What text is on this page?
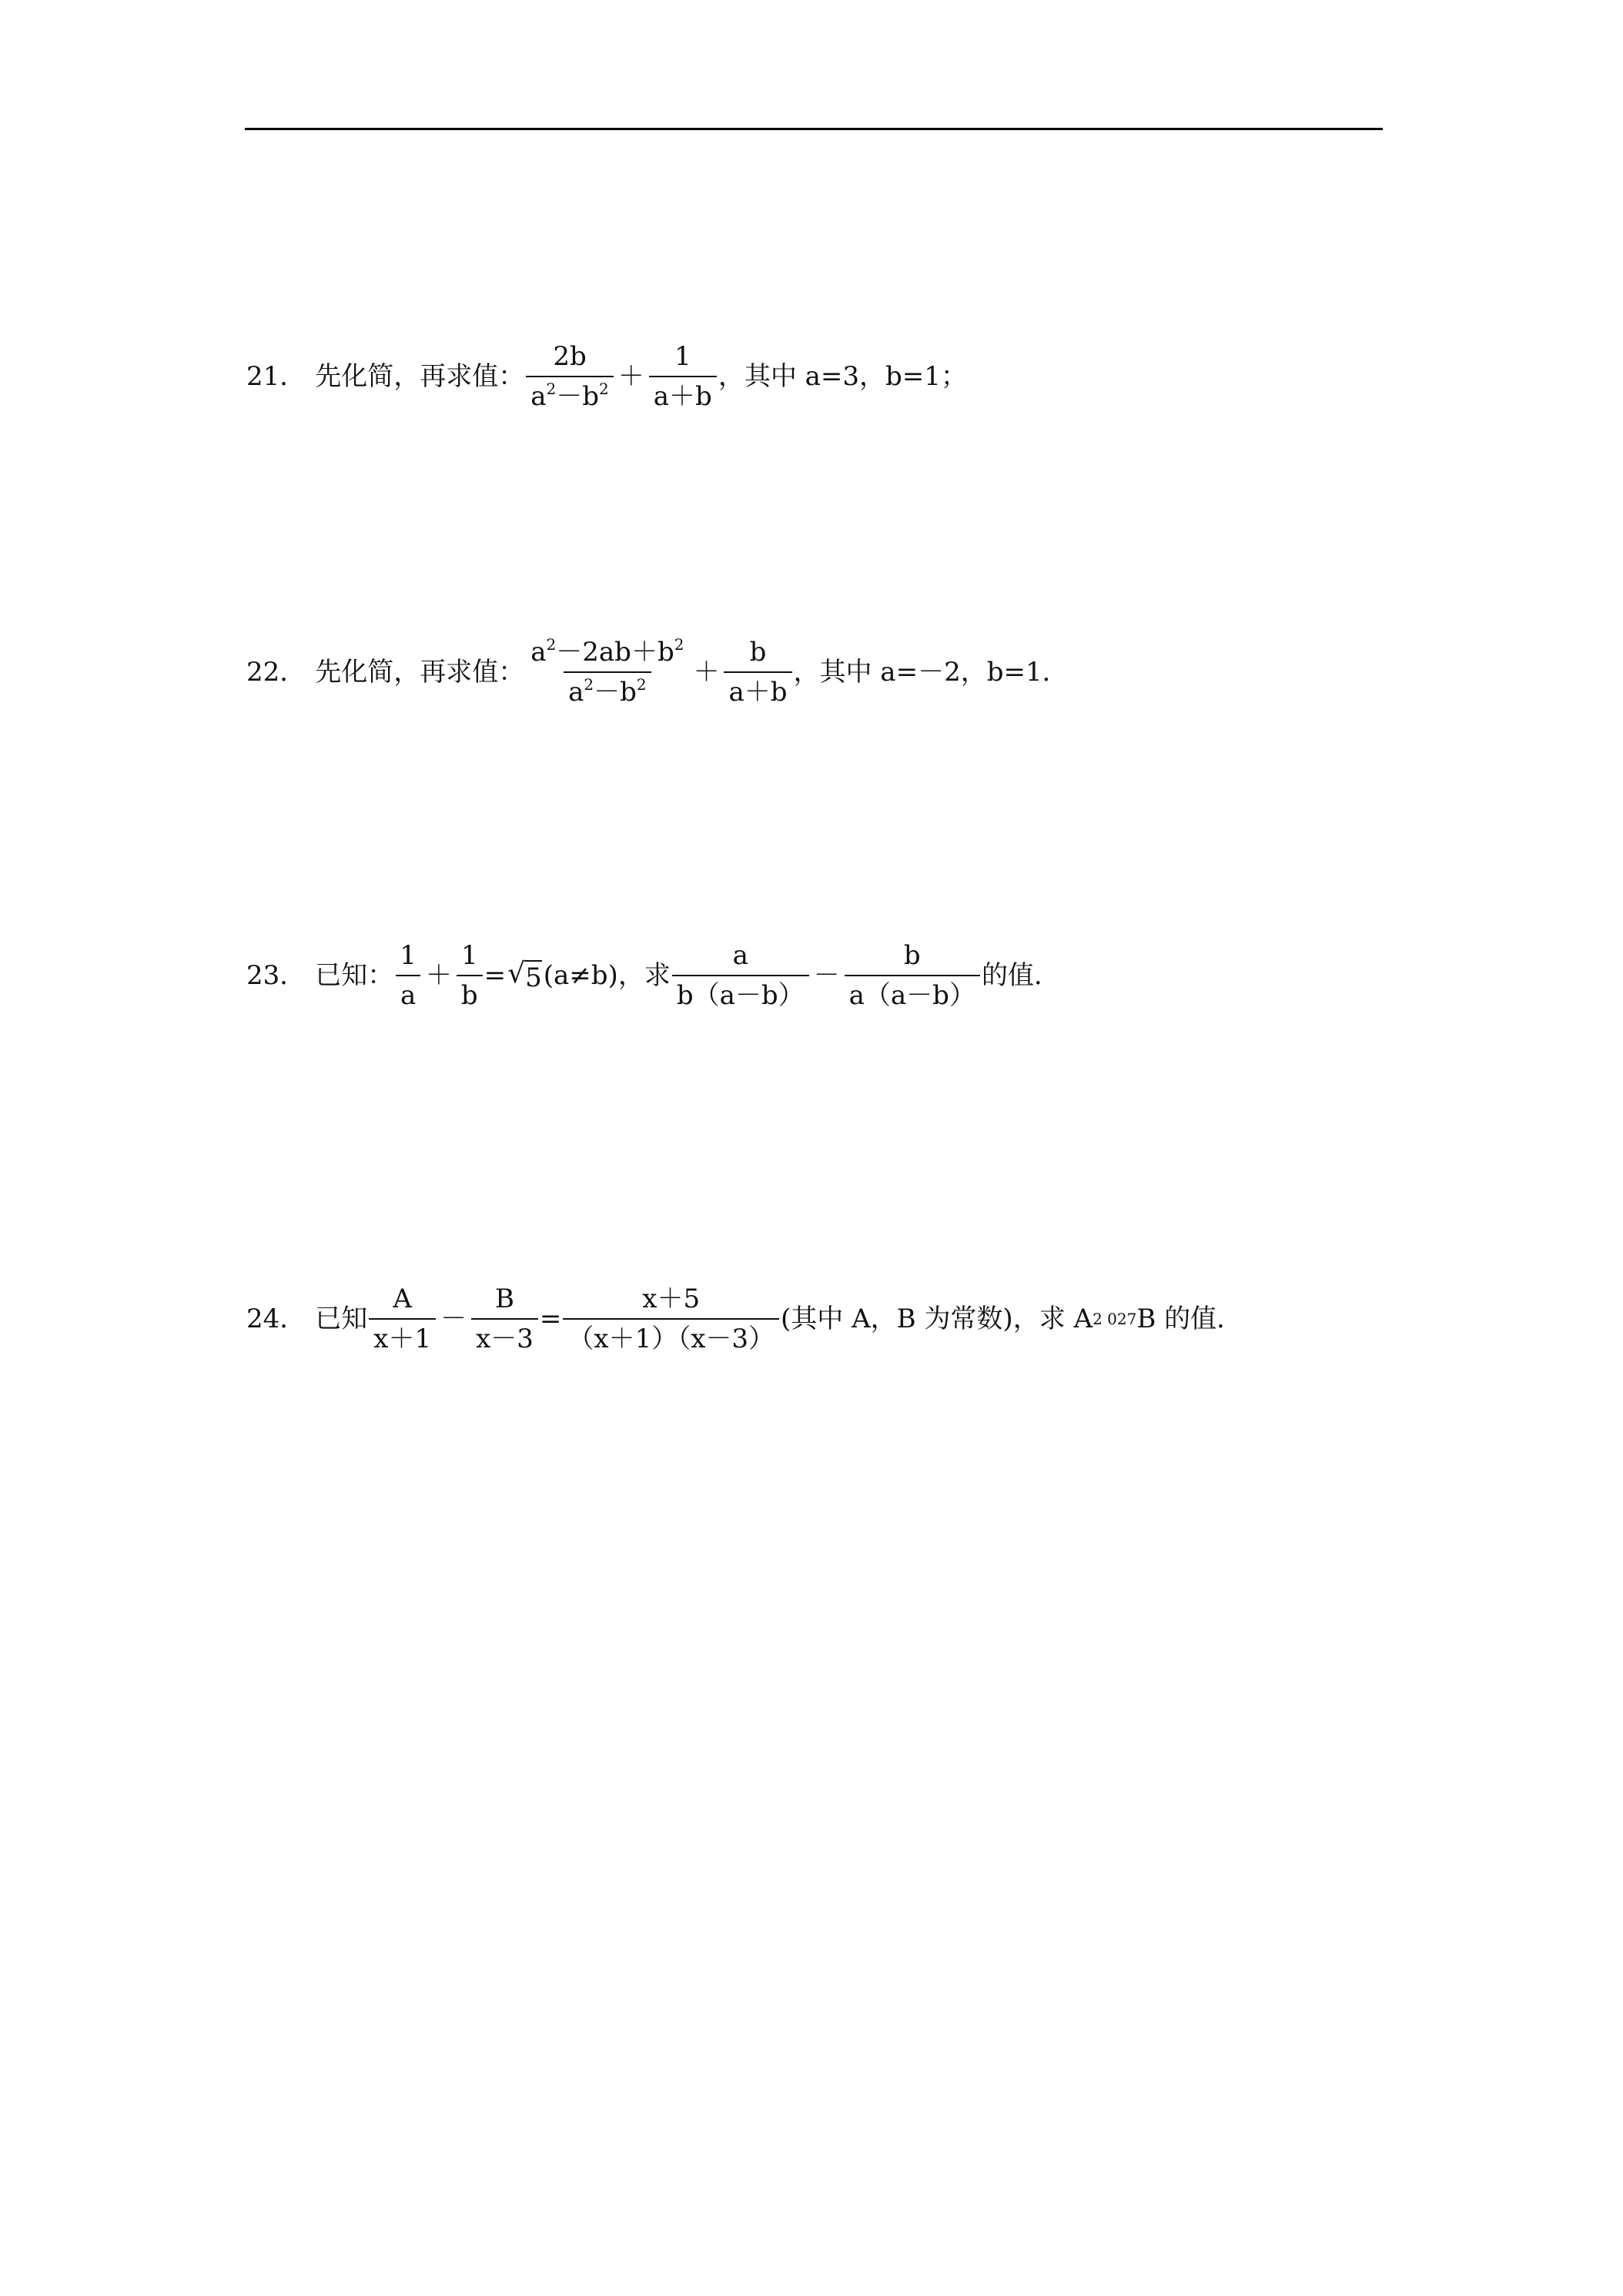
21． 先化简，再求值： $\frac{2b}{a^2-b^2} + \frac{1}{a+b}$ ，其中 a=3，b=1；
22． 先化简，再求值： $\frac{a^2-2ab+b^2}{a^2-b^2} + \frac{b}{a+b}$ ，其中 a=－2，b=1．
23． 已知： $\frac{1}{a} + \frac{1}{b}$ = √ 5 (a≠b)，求 $\frac{a}{b(a-b)} - \frac{b}{a(a-b)}$ 的值．
24． 已知 $\frac{A}{x+1} - \frac{B}{x-3} = \frac{x+5}{(x+1)(x-3)}$ (其中 A，B 为常数)，求 A 2 027 B 的值．
